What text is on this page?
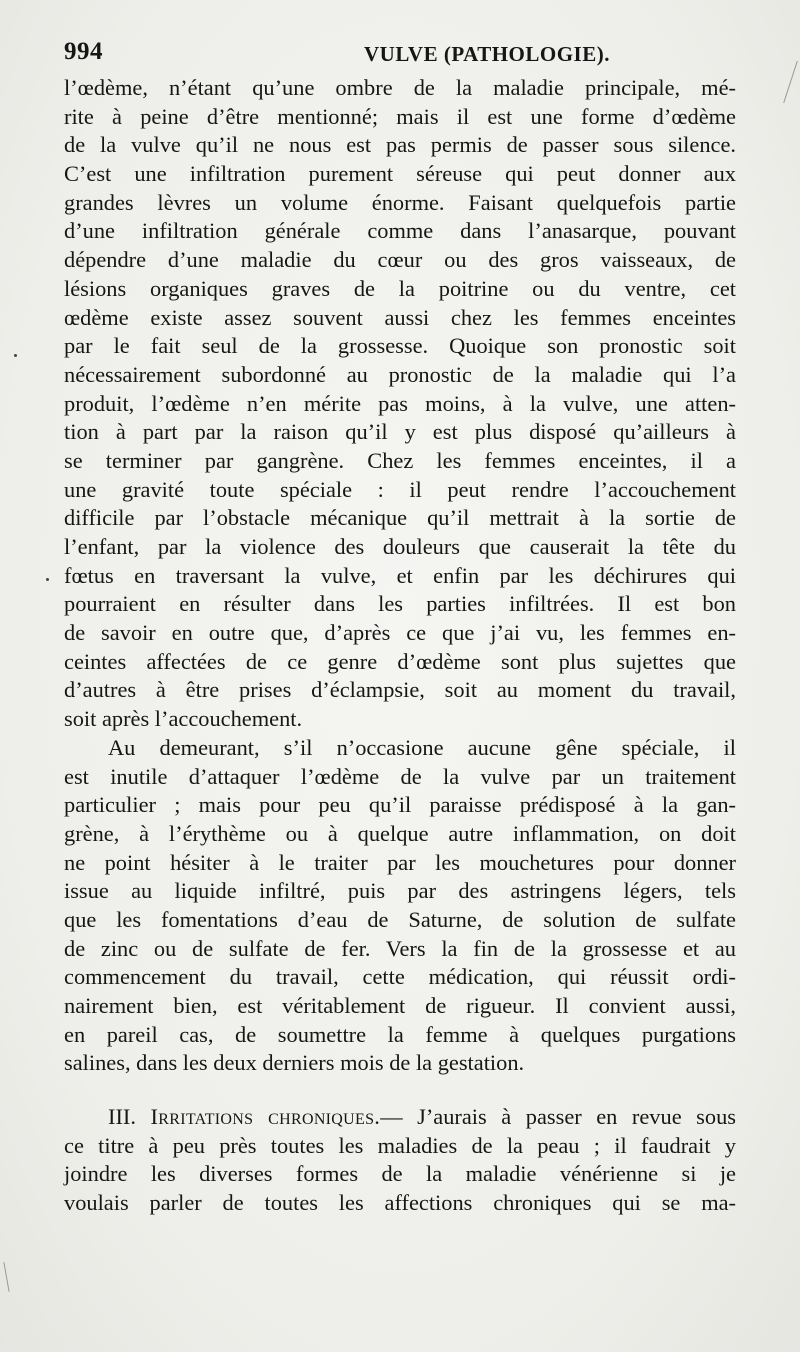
994	VULVE (PATHOLOGIE).
l’œdème, n’étant qu’une ombre de la maladie principale, mé-
rite à peine d’être mentionné; mais il est une forme d’œdème
de la vulve qu’il ne nous est pas permis de passer sous silence.
C’est une infiltration purement séreuse qui peut donner aux
grandes lèvres un volume énorme. Faisant quelquefois partie
d’une infiltration générale comme dans l’anasarque, pouvant
dépendre d’une maladie du cœur ou des gros vaisseaux, de
lésions organiques graves de la poitrine ou du ventre, cet
œdème existe assez souvent aussi chez les femmes enceintes
par le fait seul de la grossesse. Quoique son pronostic soit
nécessairement subordonné au pronostic de la maladie qui l’a
produit, l’œdème n’en mérite pas moins, à la vulve, une atten-
tion à part par la raison qu’il y est plus disposé qu’ailleurs à
se terminer par gangrène. Chez les femmes enceintes, il a
une gravité toute spéciale : il peut rendre l’accouchement
difficile par l’obstacle mécanique qu’il mettrait à la sortie de
l’enfant, par la violence des douleurs que causerait la tête du
fœtus en traversant la vulve, et enfin par les déchirures qui
pourraient en résulter dans les parties infiltrées. Il est bon
de savoir en outre que, d’après ce que j’ai vu, les femmes en-
ceintes affectées de ce genre d’œdème sont plus sujettes que
d’autres à être prises d’éclampsie, soit au moment du travail,
soit après l’accouchement.
Au demeurant, s’il n’occasione aucune gêne spéciale, il
est inutile d’attaquer l’œdème de la vulve par un traitement
particulier ; mais pour peu qu’il paraisse prédisposé à la gan-
grène, à l’érythème ou à quelque autre inflammation, on doit
ne point hésiter à le traiter par les mouchetures pour donner
issue au liquide infiltré, puis par des astringens légers, tels
que les fomentations d’eau de Saturne, de solution de sulfate
de zinc ou de sulfate de fer. Vers la fin de la grossesse et au
commencement du travail, cette médication, qui réussit ordi-
nairement bien, est véritablement de rigueur. Il convient aussi,
en pareil cas, de soumettre la femme à quelques purgations
salines, dans les deux derniers mois de la gestation.
III. Irritations chroniques.— J’aurais à passer en revue sous
ce titre à peu près toutes les maladies de la peau ; il faudrait y
joindre les diverses formes de la maladie vénérienne si je
voulais parler de toutes les affections chroniques qui se ma-
